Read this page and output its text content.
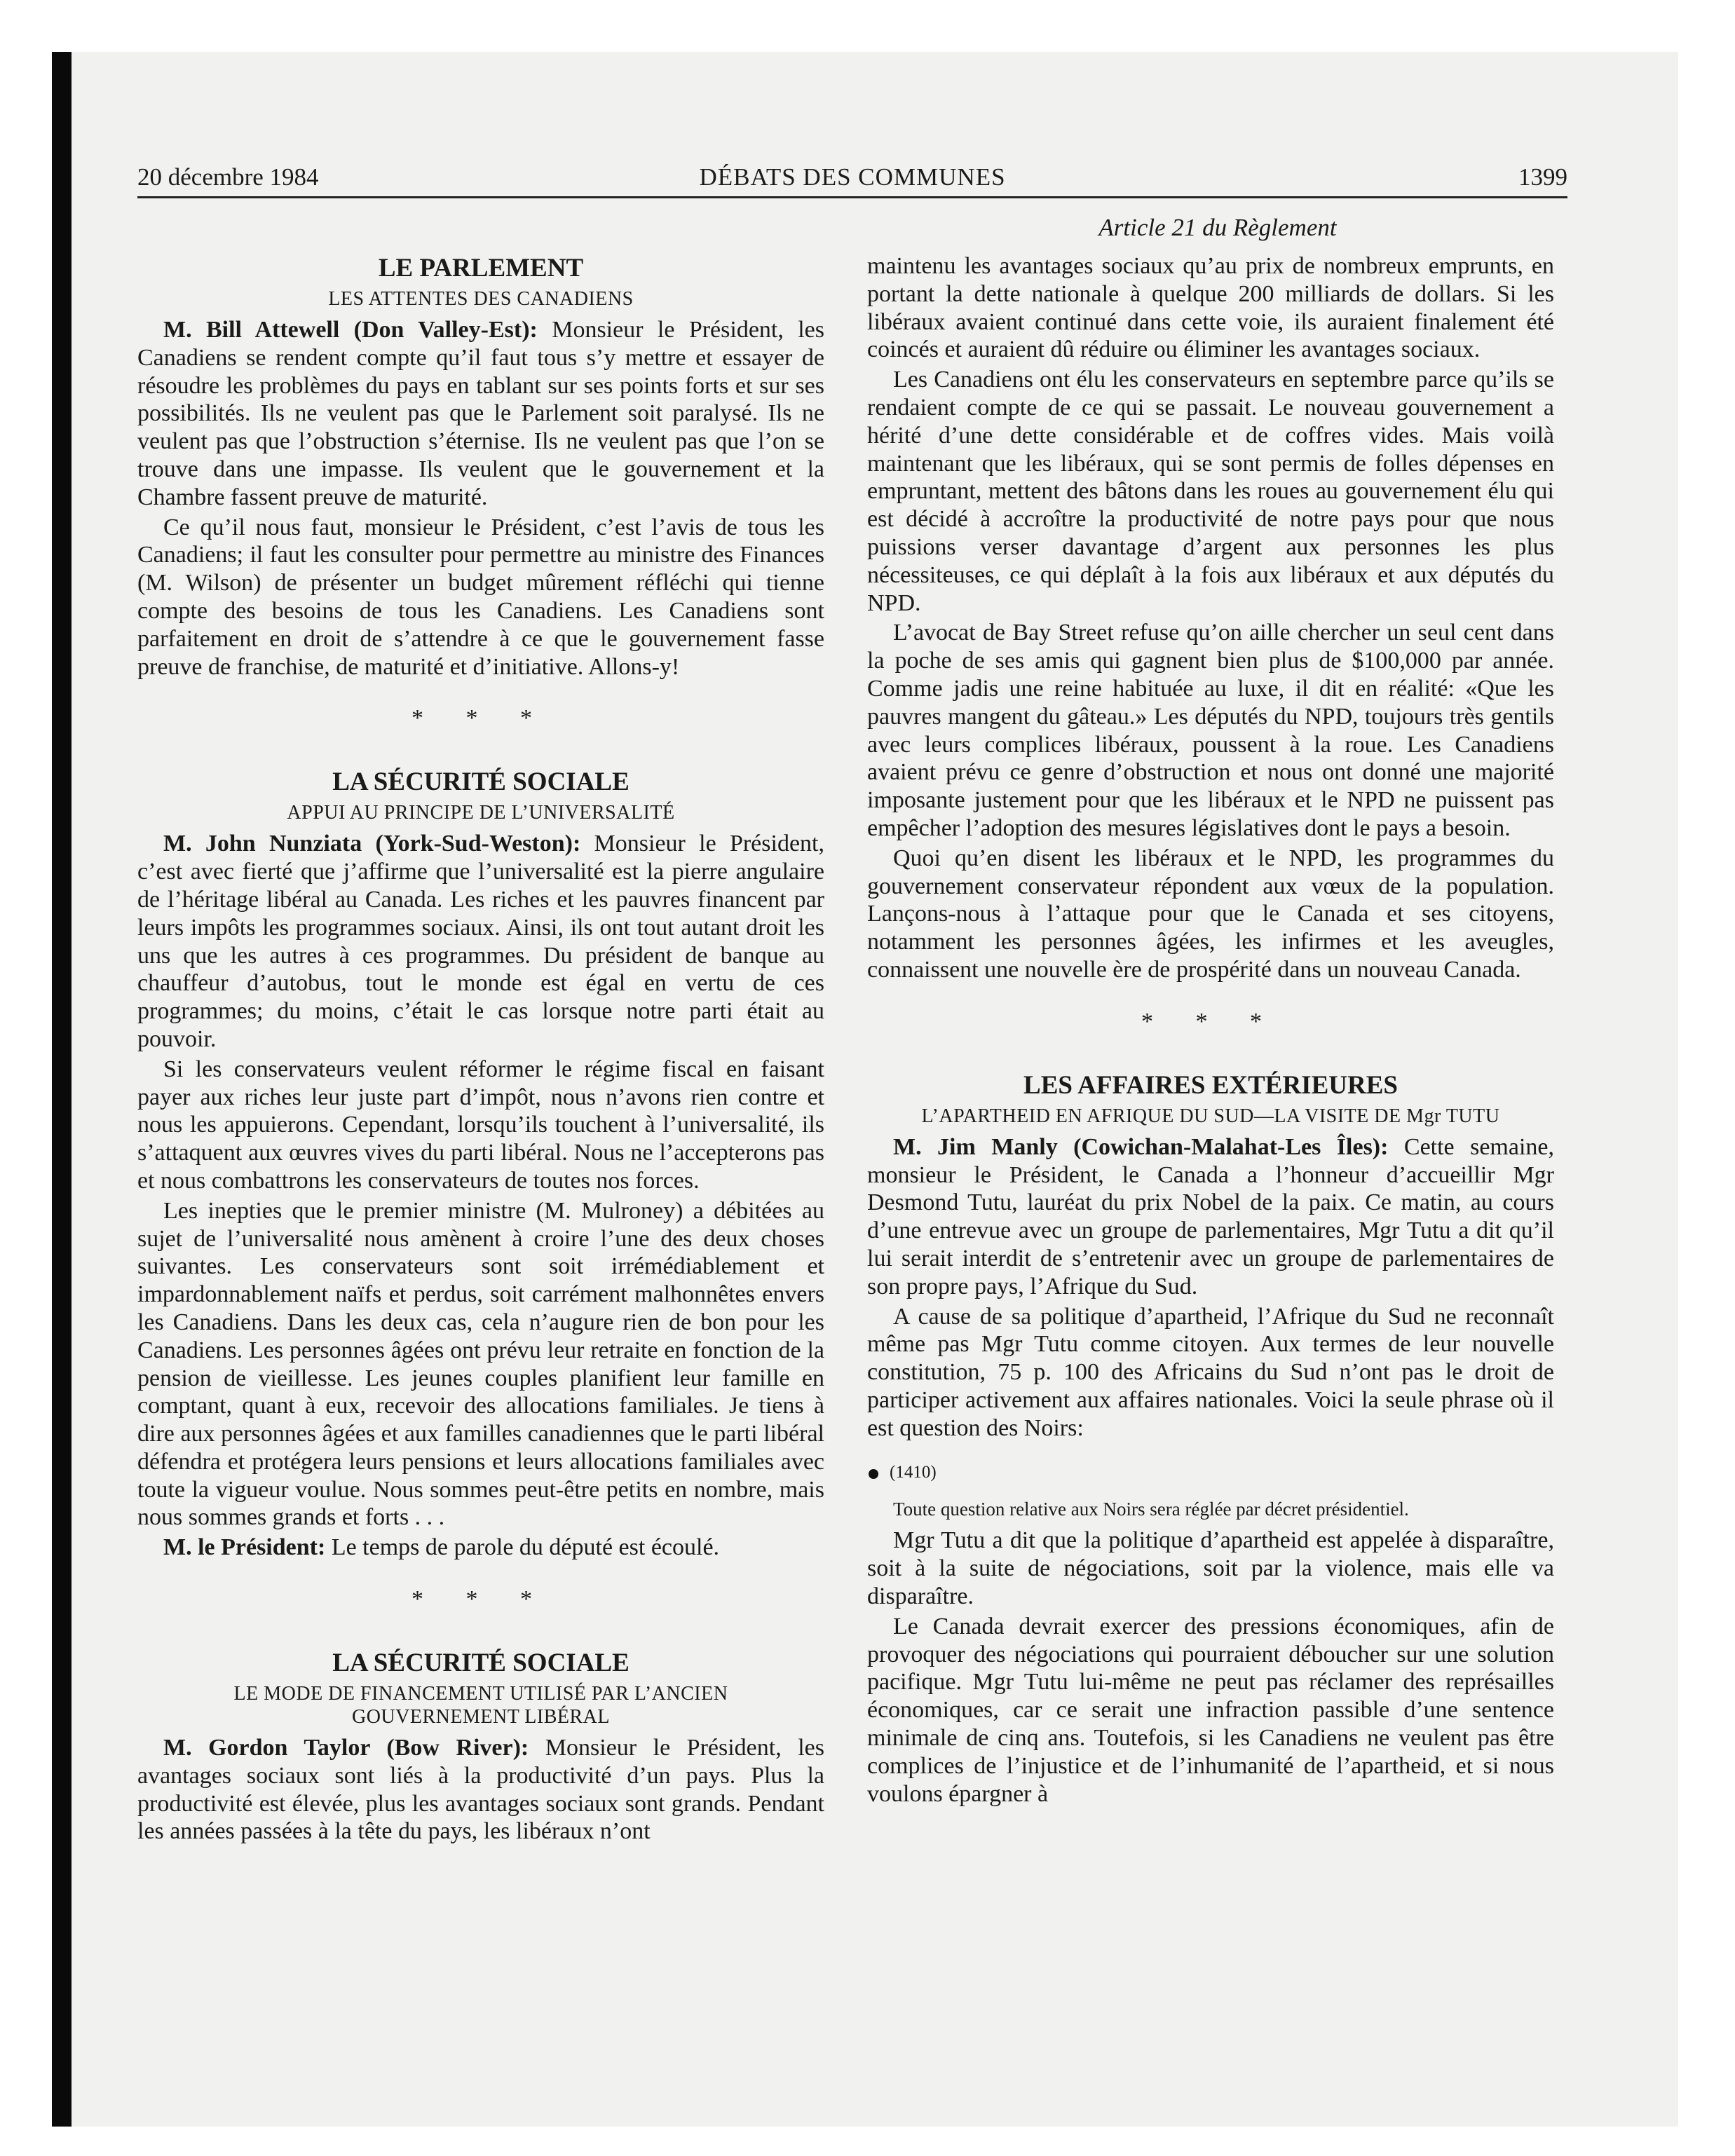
20 décembre 1984	DÉBATS DES COMMUNES	1399
Article 21 du Règlement
LE PARLEMENT
LES ATTENTES DES CANADIENS

M. Bill Attewell (Don Valley-Est): Monsieur le Président, les Canadiens se rendent compte qu’il faut tous s’y mettre et essayer de résoudre les problèmes du pays en tablant sur ses points forts et sur ses possibilités. Ils ne veulent pas que le Parlement soit paralysé. Ils ne veulent pas que l’obstruction s’éternise. Ils ne veulent pas que l’on se trouve dans une impasse. Ils veulent que le gouvernement et la Chambre fassent preuve de maturité.

Ce qu’il nous faut, monsieur le Président, c’est l’avis de tous les Canadiens; il faut les consulter pour permettre au ministre des Finances (M. Wilson) de présenter un budget mûrement réfléchi qui tienne compte des besoins de tous les Canadiens. Les Canadiens sont parfaitement en droit de s’attendre à ce que le gouvernement fasse preuve de franchise, de maturité et d’initiative. Allons-y!

* * *
LA SÉCURITÉ SOCIALE
APPUI AU PRINCIPE DE L’UNIVERSALITÉ

M. John Nunziata (York-Sud-Weston): Monsieur le Président, c’est avec fierté que j’affirme que l’universalité est la pierre angulaire de l’héritage libéral au Canada. Les riches et les pauvres financent par leurs impôts les programmes sociaux. Ainsi, ils ont tout autant droit les uns que les autres à ces programmes. Du président de banque au chauffeur d’autobus, tout le monde est égal en vertu de ces programmes; du moins, c’était le cas lorsque notre parti était au pouvoir.

Si les conservateurs veulent réformer le régime fiscal en faisant payer aux riches leur juste part d’impôt, nous n’avons rien contre et nous les appuierons. Cependant, lorsqu’ils touchent à l’universalité, ils s’attaquent aux œuvres vives du parti libéral. Nous ne l’accepterons pas et nous combattrons les conservateurs de toutes nos forces.

Les inepties que le premier ministre (M. Mulroney) a débitées au sujet de l’universalité nous amènent à croire l’une des deux choses suivantes. Les conservateurs sont soit irrémédiablement et impardonnablement naïfs et perdus, soit carrément malhonnêtes envers les Canadiens. Dans les deux cas, cela n’augure rien de bon pour les Canadiens. Les personnes âgées ont prévu leur retraite en fonction de la pension de vieillesse. Les jeunes couples planifient leur famille en comptant, quant à eux, recevoir des allocations familiales. Je tiens à dire aux personnes âgées et aux familles canadiennes que le parti libéral défendra et protégera leurs pensions et leurs allocations familiales avec toute la vigueur voulue. Nous sommes peut-être petits en nombre, mais nous sommes grands et forts . . .

M. le Président: Le temps de parole du député est écoulé.

* * *
LA SÉCURITÉ SOCIALE
LE MODE DE FINANCEMENT UTILISÉ PAR L’ANCIEN
GOUVERNEMENT LIBÉRAL

M. Gordon Taylor (Bow River): Monsieur le Président, les avantages sociaux sont liés à la productivité d’un pays. Plus la productivité est élevée, plus les avantages sociaux sont grands. Pendant les années passées à la tête du pays, les libéraux n’ont

maintenu les avantages sociaux qu’au prix de nombreux emprunts, en portant la dette nationale à quelque 200 milliards de dollars. Si les libéraux avaient continué dans cette voie, ils auraient finalement été coincés et auraient dû réduire ou éliminer les avantages sociaux.

Les Canadiens ont élu les conservateurs en septembre parce qu’ils se rendaient compte de ce qui se passait. Le nouveau gouvernement a hérité d’une dette considérable et de coffres vides. Mais voilà maintenant que les libéraux, qui se sont permis de folles dépenses en empruntant, mettent des bâtons dans les roues au gouvernement élu qui est décidé à accroître la productivité de notre pays pour que nous puissions verser davantage d’argent aux personnes les plus nécessiteuses, ce qui déplaît à la fois aux libéraux et aux députés du NPD.

L’avocat de Bay Street refuse qu’on aille chercher un seul cent dans la poche de ses amis qui gagnent bien plus de $100,000 par année. Comme jadis une reine habituée au luxe, il dit en réalité: «Que les pauvres mangent du gâteau.» Les députés du NPD, toujours très gentils avec leurs complices libéraux, poussent à la roue. Les Canadiens avaient prévu ce genre d’obstruction et nous ont donné une majorité imposante justement pour que les libéraux et le NPD ne puissent pas empêcher l’adoption des mesures législatives dont le pays a besoin.

Quoi qu’en disent les libéraux et le NPD, les programmes du gouvernement conservateur répondent aux vœux de la population. Lançons-nous à l’attaque pour que le Canada et ses citoyens, notamment les personnes âgées, les infirmes et les aveugles, connaissent une nouvelle ère de prospérité dans un nouveau Canada.

* * *
LES AFFAIRES EXTÉRIEURES
L’APARTHEID EN AFRIQUE DU SUD—LA VISITE DE Mgr TUTU

M. Jim Manly (Cowichan-Malahat-Les Îles): Cette semaine, monsieur le Président, le Canada a l’honneur d’accueillir Mgr Desmond Tutu, lauréat du prix Nobel de la paix. Ce matin, au cours d’une entrevue avec un groupe de parlementaires, Mgr Tutu a dit qu’il lui serait interdit de s’entretenir avec un groupe de parlementaires de son propre pays, l’Afrique du Sud.

A cause de sa politique d’apartheid, l’Afrique du Sud ne reconnaît même pas Mgr Tutu comme citoyen. Aux termes de leur nouvelle constitution, 75 p. 100 des Africains du Sud n’ont pas le droit de participer activement aux affaires nationales. Voici la seule phrase où il est question des Noirs:

(1410)

Toute question relative aux Noirs sera réglée par décret présidentiel.

Mgr Tutu a dit que la politique d’apartheid est appelée à disparaître, soit à la suite de négociations, soit par la violence, mais elle va disparaître.

Le Canada devrait exercer des pressions économiques, afin de provoquer des négociations qui pourraient déboucher sur une solution pacifique. Mgr Tutu lui-même ne peut pas réclamer des représailles économiques, car ce serait une infraction passible d’une sentence minimale de cinq ans. Toutefois, si les Canadiens ne veulent pas être complices de l’injustice et de l’inhumanité de l’apartheid, et si nous voulons épargner à
